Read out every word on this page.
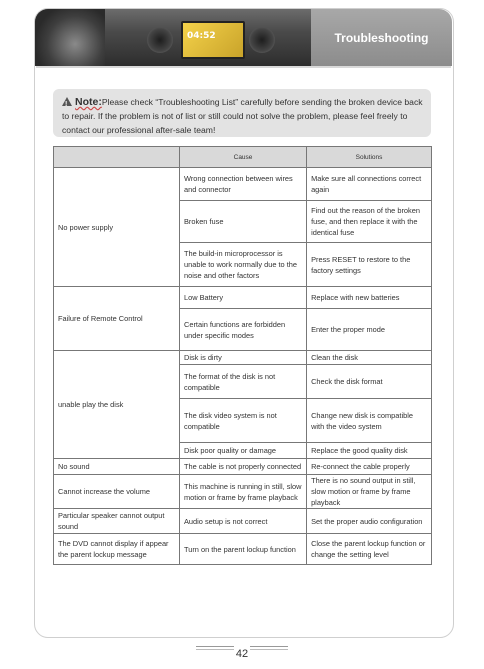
04:52	Troubleshooting
!Note:Please check “Troubleshooting List” carefully before sending the broken device back to repair. If the problem is not of list or still could not solve the problem, please feel freely to contact our professional after-sale team!
	Cause	Solutions
No power supply	Wrong connection between wires and connector	Make sure all connections correct again
	Broken fuse	Find out the reason of the broken fuse, and then replace it with the identical fuse
	The build-in microprocessor is unable to work normally due to the noise and other factors	Press RESET to restore to the factory settings
Failure of Remote Control	Low Battery	Replace with new batteries
	Certain functions are forbidden under specific modes	Enter the proper mode
unable play the disk	Disk is dirty	Clean the disk
	The format of the disk is not compatible	Check the disk format
	The disk video system is not compatible	Change new disk is compatible with the video system
	Disk poor quality or damage	Replace the good quality disk
No sound	The cable is not properly connected	Re-connect the cable properly
Cannot increase the volume	This machine is running in still, slow motion or frame by frame playback	There is no sound output in still, slow motion or frame by frame playback
Particular speaker cannot output sound	Audio setup is not correct	Set the proper audio configuration
The DVD cannot display if appear the parent lockup message	Turn on the parent lockup function	Close the parent lockup function or change the setting level
42
